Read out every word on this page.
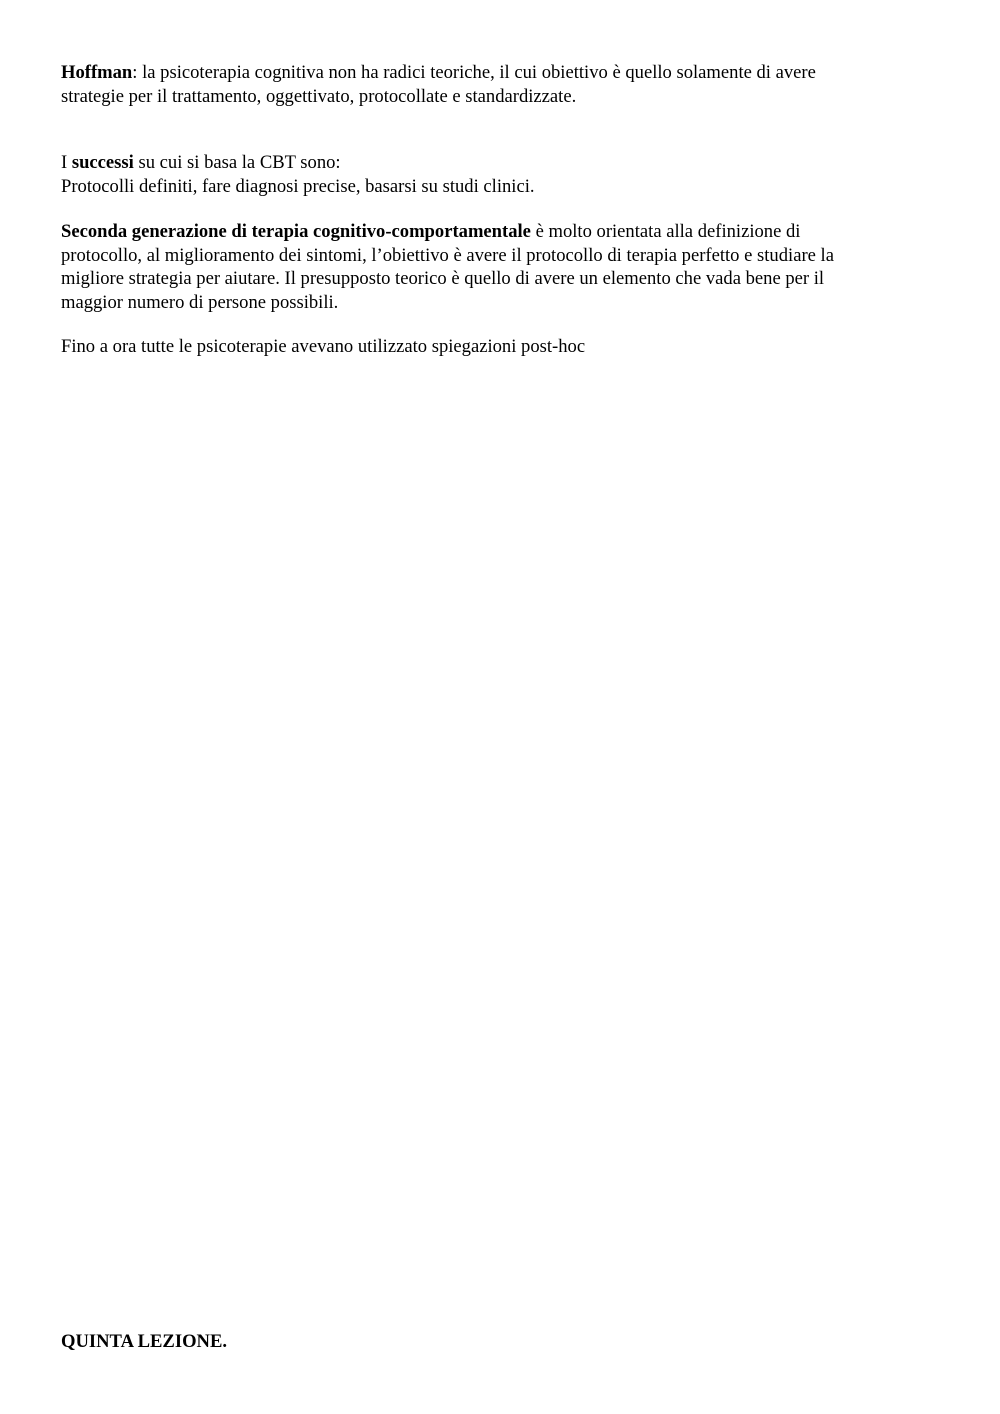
Hoffman: la psicoterapia cognitiva non ha radici teoriche, il cui obiettivo è quello solamente di avere
strategie per il trattamento, oggettivato, protocollate e standardizzate.

I successi su cui si basa la CBT sono:
Protocolli definiti, fare diagnosi precise, basarsi su studi clinici.

Seconda generazione di terapia cognitivo-comportamentale è molto orientata alla definizione di
protocollo, al miglioramento dei sintomi, l’obiettivo è avere il protocollo di terapia perfetto e studiare la
migliore strategia per aiutare. Il presupposto teorico è quello di avere un elemento che vada bene per il
maggior numero di persone possibili.

Fino a ora tutte le psicoterapie avevano utilizzato spiegazioni post-hoc

QUINTA LEZIONE.
